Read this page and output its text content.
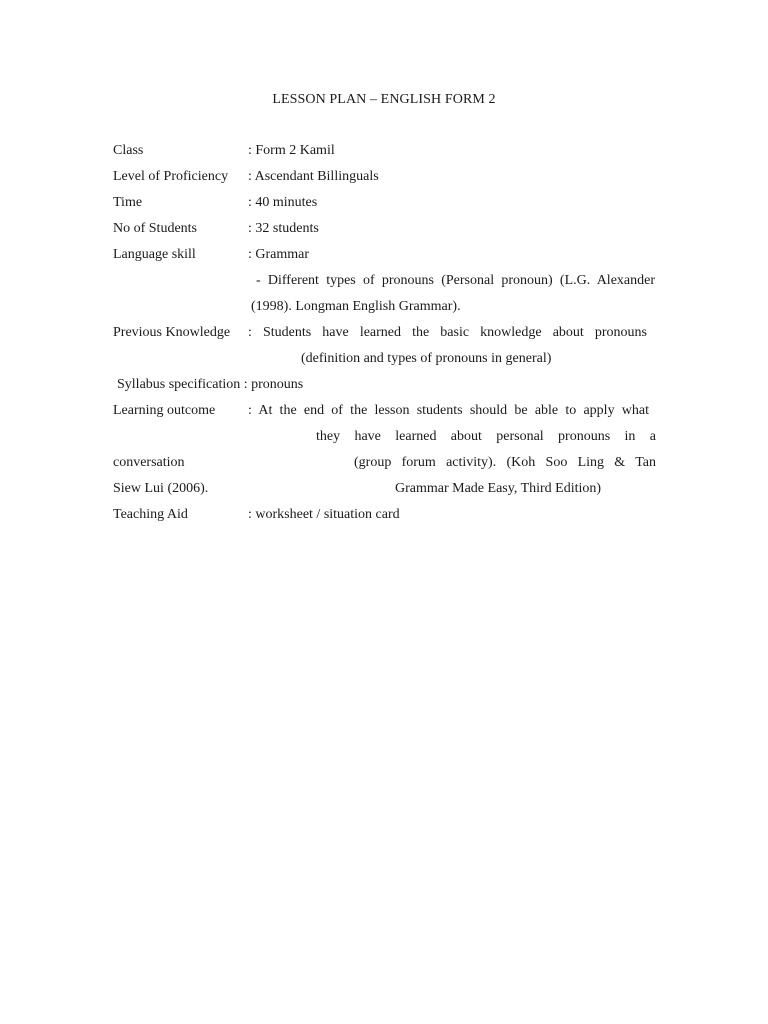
LESSON PLAN – ENGLISH FORM 2
Class	: Form 2 Kamil
Level of Proficiency : Ascendant Billinguals
Time	: 40 minutes
No of Students	: 32 students
Language skill	: Grammar
- Different types of pronouns (Personal pronoun) (L.G. Alexander
(1998). Longman English Grammar).
Previous Knowledge : Students have learned the basic knowledge about pronouns
(definition and types of pronouns in general)
Syllabus specification : pronouns
Learning outcome : At the end of the lesson students should be able to apply what
they have learned about personal pronouns in a
conversation	(group forum activity). (Koh Soo Ling & Tan
Siew Lui (2006).	Grammar Made Easy, Third Edition)
Teaching Aid	: worksheet / situation card
